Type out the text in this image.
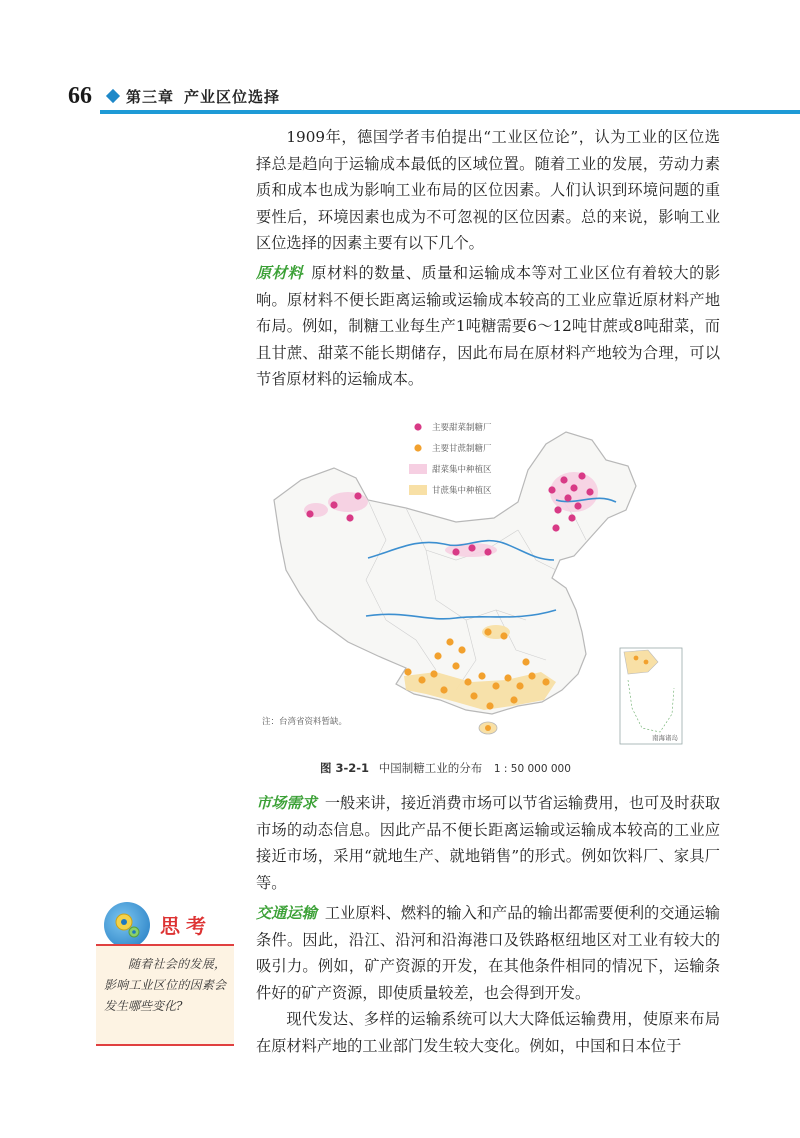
66 第三章 产业区位选择

1909年，德国学者韦伯提出“工业区位论”，认为工业的区位选择总是趋向于运输成本最低的区域位置。随着工业的发展，劳动力素质和成本也成为影响工业布局的区位因素。人们认识到环境问题的重要性后，环境因素也成为不可忽视的区位因素。总的来说，影响工业区位选择的因素主要有以下几个。

原材料 原材料的数量、质量和运输成本等对工业区位有着较大的影响。原材料不便长距离运输或运输成本较高的工业应靠近原材料产地布局。例如，制糖工业每生产1吨糖需要6～12吨甘蔗或8吨甜菜，而且甘蔗、甜菜不能长期储存，因此布局在原材料产地较为合理，可以节省原材料的运输成本。

主要甜菜制糖厂
主要甘蔗制糖厂
甜菜集中种植区
甘蔗集中种植区
注：台湾省资料暂缺。
南海诸岛
图 3-2-1 中国制糖工业的分布 1 : 50 000 000

市场需求 一般来讲，接近消费市场可以节省运输费用，也可及时获取市场的动态信息。因此产品不便长距离运输或运输成本较高的工业应接近市场，采用“就地生产、就地销售”的形式。例如饮料厂、家具厂等。

交通运输 工业原料、燃料的输入和产品的输出都需要便利的交通运输条件。因此，沿江、沿河和沿海港口及铁路枢纽地区对工业有较大的吸引力。例如，矿产资源的开发，在其他条件相同的情况下，运输条件好的矿产资源，即使质量较差，也会得到开发。

现代发达、多样的运输系统可以大大降低运输费用，使原来布局在原材料产地的工业部门发生较大变化。例如，中国和日本位于

思考

随着社会的发展，影响工业区位的因素会发生哪些变化?
